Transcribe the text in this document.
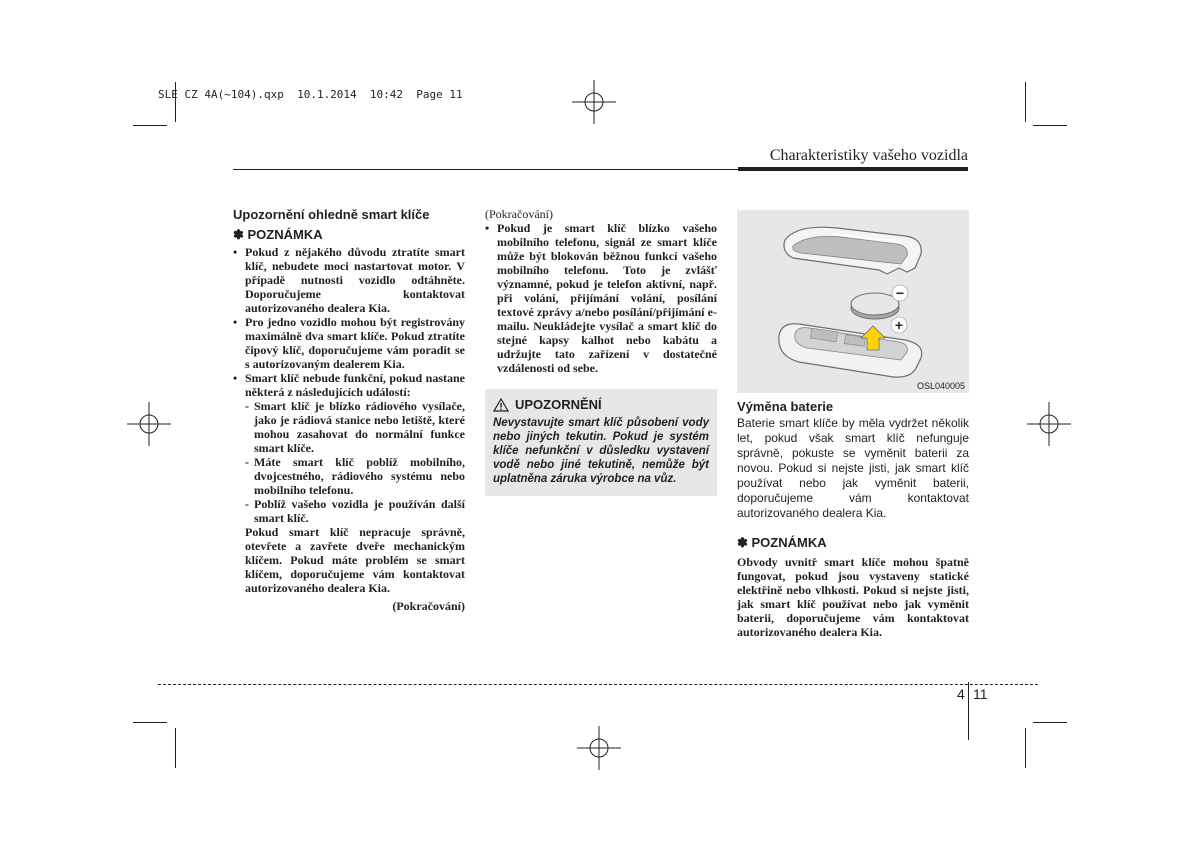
SLE CZ 4A(~104).qxp  10.1.2014  10:42  Page 11
Charakteristiky vašeho vozidla
Upozornění ohledně smart klíče
✽ POZNÁMKA
• Pokud z nějakého důvodu ztratíte smart klíč, nebudete moci nastartovat motor. V případě nutnosti vozidlo odtáhněte. Doporučujeme kontaktovat autorizovaného dealera Kia.
• Pro jedno vozidlo mohou být registrovány maximálně dva smart klíče. Pokud ztratíte čipový klíč, doporučujeme vám poradit se s autorizovaným dealerem Kia.
• Smart klíč nebude funkční, pokud nastane některá z následujících událostí:
- Smart klíč je blízko rádiového vysílače, jako je rádiová stanice nebo letiště, které mohou zasahovat do normální funkce smart klíče.
- Máte smart klíč poblíž mobilního, dvojcestného, rádiového systému nebo mobilního telefonu.
- Poblíž vašeho vozidla je používán další smart klíč.
Pokud smart klíč nepracuje správně, otevřete a zavřete dveře mechanickým klíčem. Pokud máte problém se smart klíčem, doporučujeme vám kontaktovat autorizovaného dealera Kia.
(Pokračování)
(Pokračování)
• Pokud je smart klíč blízko vašeho mobilního telefonu, signál ze smart klíče může být blokován běžnou funkcí vašeho mobilního telefonu. Toto je zvlášť významné, pokud je telefon aktivní, např. při volání, přijímání volání, posílání textové zprávy a/nebo posílání/přijímání e-mailu. Neukládejte vysílač a smart klíč do stejné kapsy kalhot nebo kabátu a udržujte tato zařízení v dostatečné vzdálenosti od sebe.
UPOZORNĚNÍ
Nevystavujte smart klíč působení vody nebo jiných tekutin. Pokud je systém klíče nefunkční v důsledku vystavení vodě nebo jiné tekutině, nemůže být uplatněna záruka výrobce na vůz.
−
+
OSL040005
Výměna baterie
Baterie smart klíče by měla vydržet několik let, pokud však smart klíč nefunguje správně, pokuste se vyměnit baterii za novou. Pokud si nejste jisti, jak smart klíč používat nebo jak vyměnit baterii, doporučujeme vám kontaktovat autorizovaného dealera Kia.
✽ POZNÁMKA
Obvody uvnitř smart klíče mohou špatně fungovat, pokud jsou vystaveny statické elektřině nebo vlhkosti. Pokud si nejste jisti, jak smart klíč používat nebo jak vyměnit baterii, doporučujeme vám kontaktovat autorizovaného dealera Kia.
4 11
